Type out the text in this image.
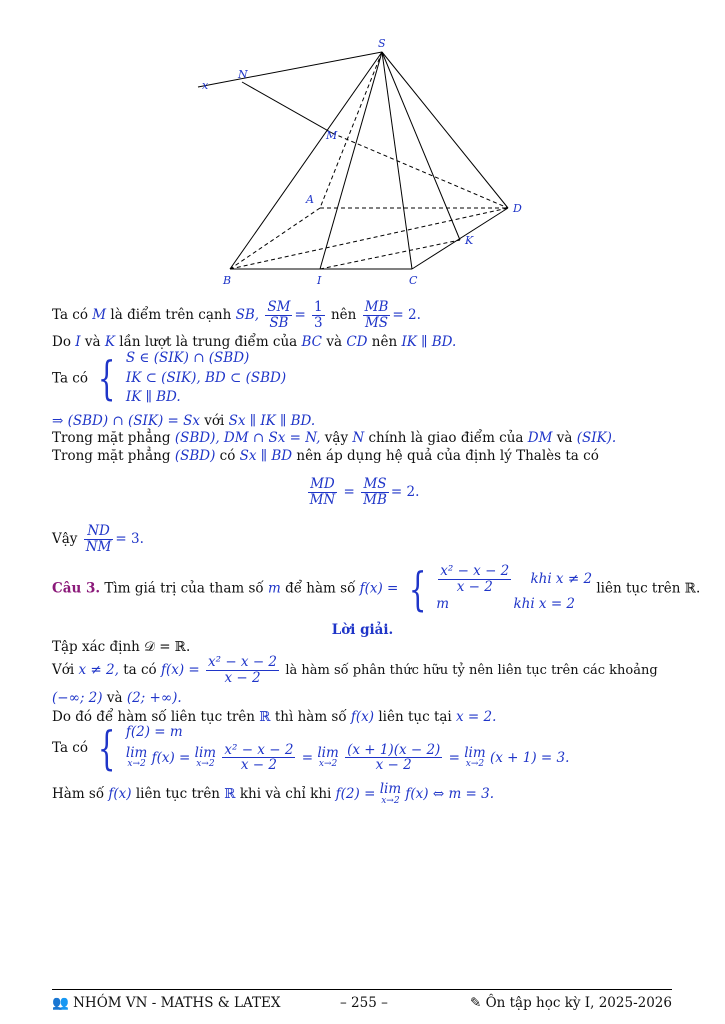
S
N
x
M
A
D
K
B	I	C
Ta có M là điểm trên cạnh SB, $\frac{SM}{SB} = \frac{1}{3}$ nên $\frac{MB}{MS} = 2$.
Do I và K lần lượt là trung điểm của BC và CD nên IK ∥ BD.
Ta có { S ∈ (SIK) ∩ (SBD)
IK ⊂ (SIK), BD ⊂ (SBD)
IK ∥ BD.
⇒ (SBD) ∩ (SIK) = Sx với Sx ∥ IK ∥ BD.
Trong mặt phẳng (SBD), DM ∩ Sx = N, vậy N chính là giao điểm của DM và (SIK).
Trong mặt phẳng (SBD) có Sx ∥ BD nên áp dụng hệ quả của định lý Thalès ta có
$\frac{MD}{MN} = \frac{MS}{MB} = 2$.
Vậy $\frac{ND}{NM} = 3$.
Câu 3. Tìm giá trị của tham số m để hàm số f(x) = { $\frac{\text{x² − x − 2}}{x - 2}$ khi x ≠ 2
m	khi x = 2
liên tục trên ℝ.
Lời giải.
Tập xác định 𝒟 = ℝ.
Với x ≠ 2, ta có $f(x) = \frac{\text{x² − x − 2}}{x - 2}$ là hàm số phân thức hữu tỷ nên liên tục trên các khoảng
(−∞; 2) và (2; +∞).
Do đó để hàm số liên tục trên ℝ thì hàm số f(x) liên tục tại x = 2.
Ta có { f(2) = m
lim
x→2 f(x) = lim
x→2
$\frac{\text{x² − x − 2}}{x - 2} = \lim$
x→2
$\frac{(x + 1)(x - 2)}{x - 2} = \lim$
x→2 (x + 1) = 3.
Hàm số f(x) liên tục trên ℝ khi và chỉ khi f(2) = lim
x→2 f(x) ⇔ m = 3.
👥 NHÓM VN - MATHS & LATEX	– 255 –	✎ Ôn tập học kỳ I, 2025-2026
